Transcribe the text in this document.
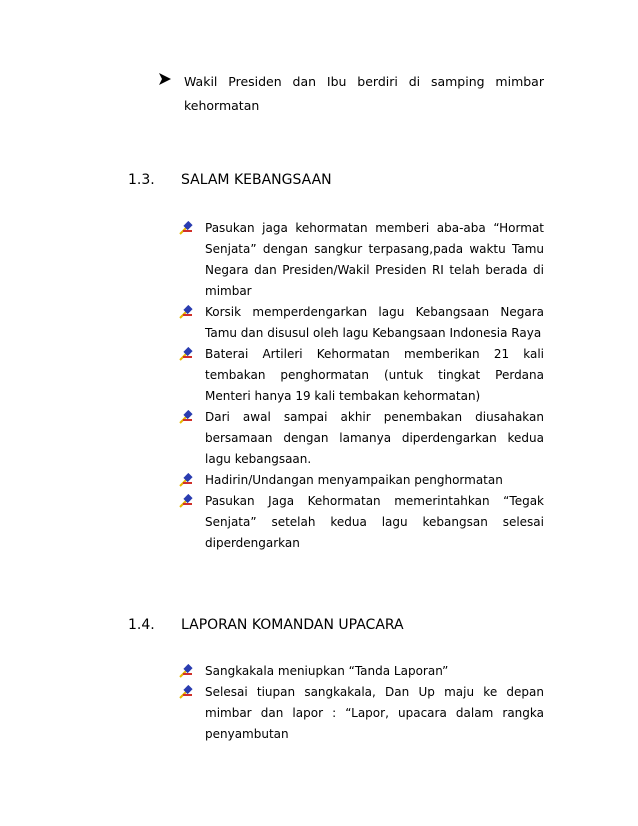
Wakil Presiden dan Ibu berdiri di samping mimbar kehormatan
1.3. SALAM KEBANGSAAN
Pasukan jaga kehormatan memberi aba-aba “Hormat Senjata” dengan sangkur terpasang,pada waktu Tamu Negara dan Presiden/Wakil Presiden RI telah berada di mimbar
Korsik memperdengarkan lagu Kebangsaan Negara Tamu dan disusul oleh lagu Kebangsaan Indonesia Raya
Baterai Artileri Kehormatan memberikan 21 kali tembakan penghormatan (untuk tingkat Perdana Menteri hanya 19 kali tembakan kehormatan)
Dari awal sampai akhir penembakan diusahakan bersamaan dengan lamanya diperdengarkan kedua lagu kebangsaan.
Hadirin/Undangan menyampaikan penghormatan
Pasukan Jaga Kehormatan memerintahkan “Tegak Senjata” setelah kedua lagu kebangsan selesai diperdengarkan
1.4. LAPORAN KOMANDAN UPACARA
Sangkakala meniupkan “Tanda Laporan”
Selesai tiupan sangkakala, Dan Up maju ke depan mimbar dan lapor : “Lapor, upacara dalam rangka penyambutan
